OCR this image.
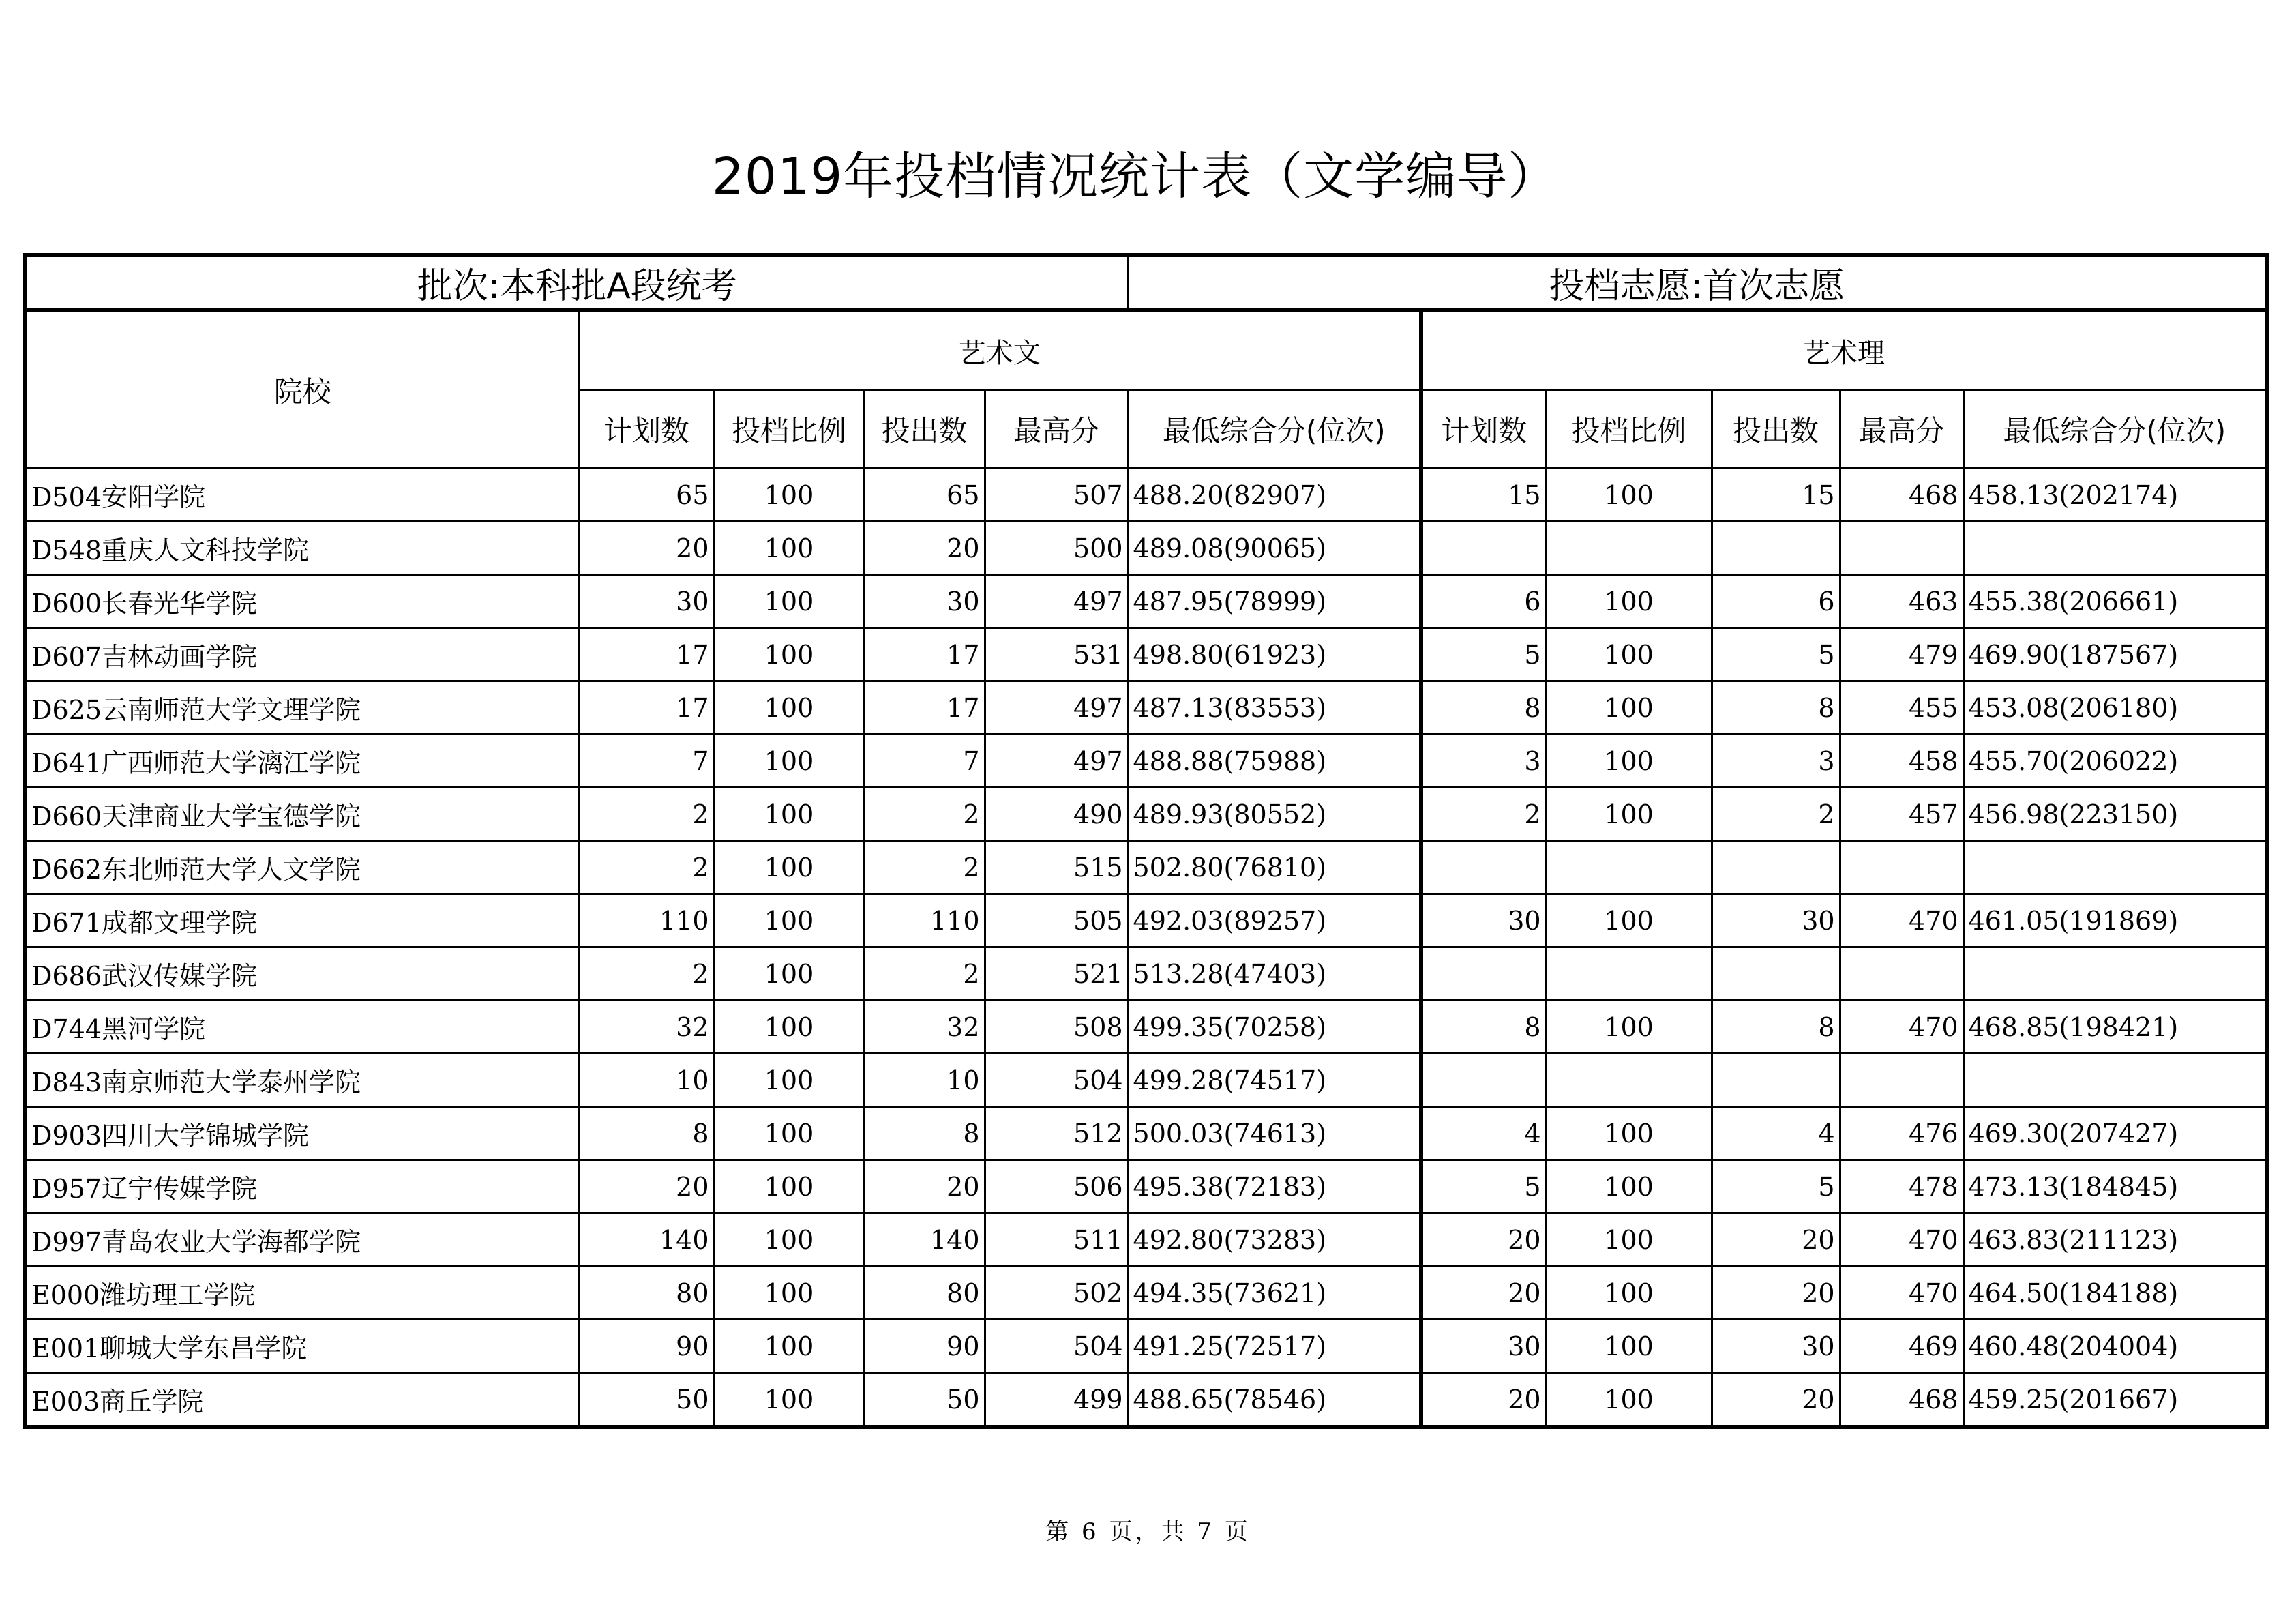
2019年投档情况统计表（文学编导）
批次:本科批A段统考					投档志愿:首次志愿					
院校	艺术文					艺术理				
	计划数	投档比例	投出数	最高分	最低综合分(位次)	计划数	投档比例	投出数	最高分	最低综合分(位次)
D504安阳学院	65	100	65	507	488.20(82907)	15	100	15	468	458.13(202174)
D548重庆人文科技学院	20	100	20	500	489.08(90065)					
D600长春光华学院	30	100	30	497	487.95(78999)	6	100	6	463	455.38(206661)
D607吉林动画学院	17	100	17	531	498.80(61923)	5	100	5	479	469.90(187567)
D625云南师范大学文理学院	17	100	17	497	487.13(83553)	8	100	8	455	453.08(206180)
D641广西师范大学漓江学院	7	100	7	497	488.88(75988)	3	100	3	458	455.70(206022)
D660天津商业大学宝德学院	2	100	2	490	489.93(80552)	2	100	2	457	456.98(223150)
D662东北师范大学人文学院	2	100	2	515	502.80(76810)					
D671成都文理学院	110	100	110	505	492.03(89257)	30	100	30	470	461.05(191869)
D686武汉传媒学院	2	100	2	521	513.28(47403)					
D744黑河学院	32	100	32	508	499.35(70258)	8	100	8	470	468.85(198421)
D843南京师范大学泰州学院	10	100	10	504	499.28(74517)					
D903四川大学锦城学院	8	100	8	512	500.03(74613)	4	100	4	476	469.30(207427)
D957辽宁传媒学院	20	100	20	506	495.38(72183)	5	100	5	478	473.13(184845)
D997青岛农业大学海都学院	140	100	140	511	492.80(73283)	20	100	20	470	463.83(211123)
E000潍坊理工学院	80	100	80	502	494.35(73621)	20	100	20	470	464.50(184188)
E001聊城大学东昌学院	90	100	90	504	491.25(72517)	30	100	30	469	460.48(204004)
E003商丘学院	50	100	50	499	488.65(78546)	20	100	20	468	459.25(201667)
第 6 页，共 7 页
